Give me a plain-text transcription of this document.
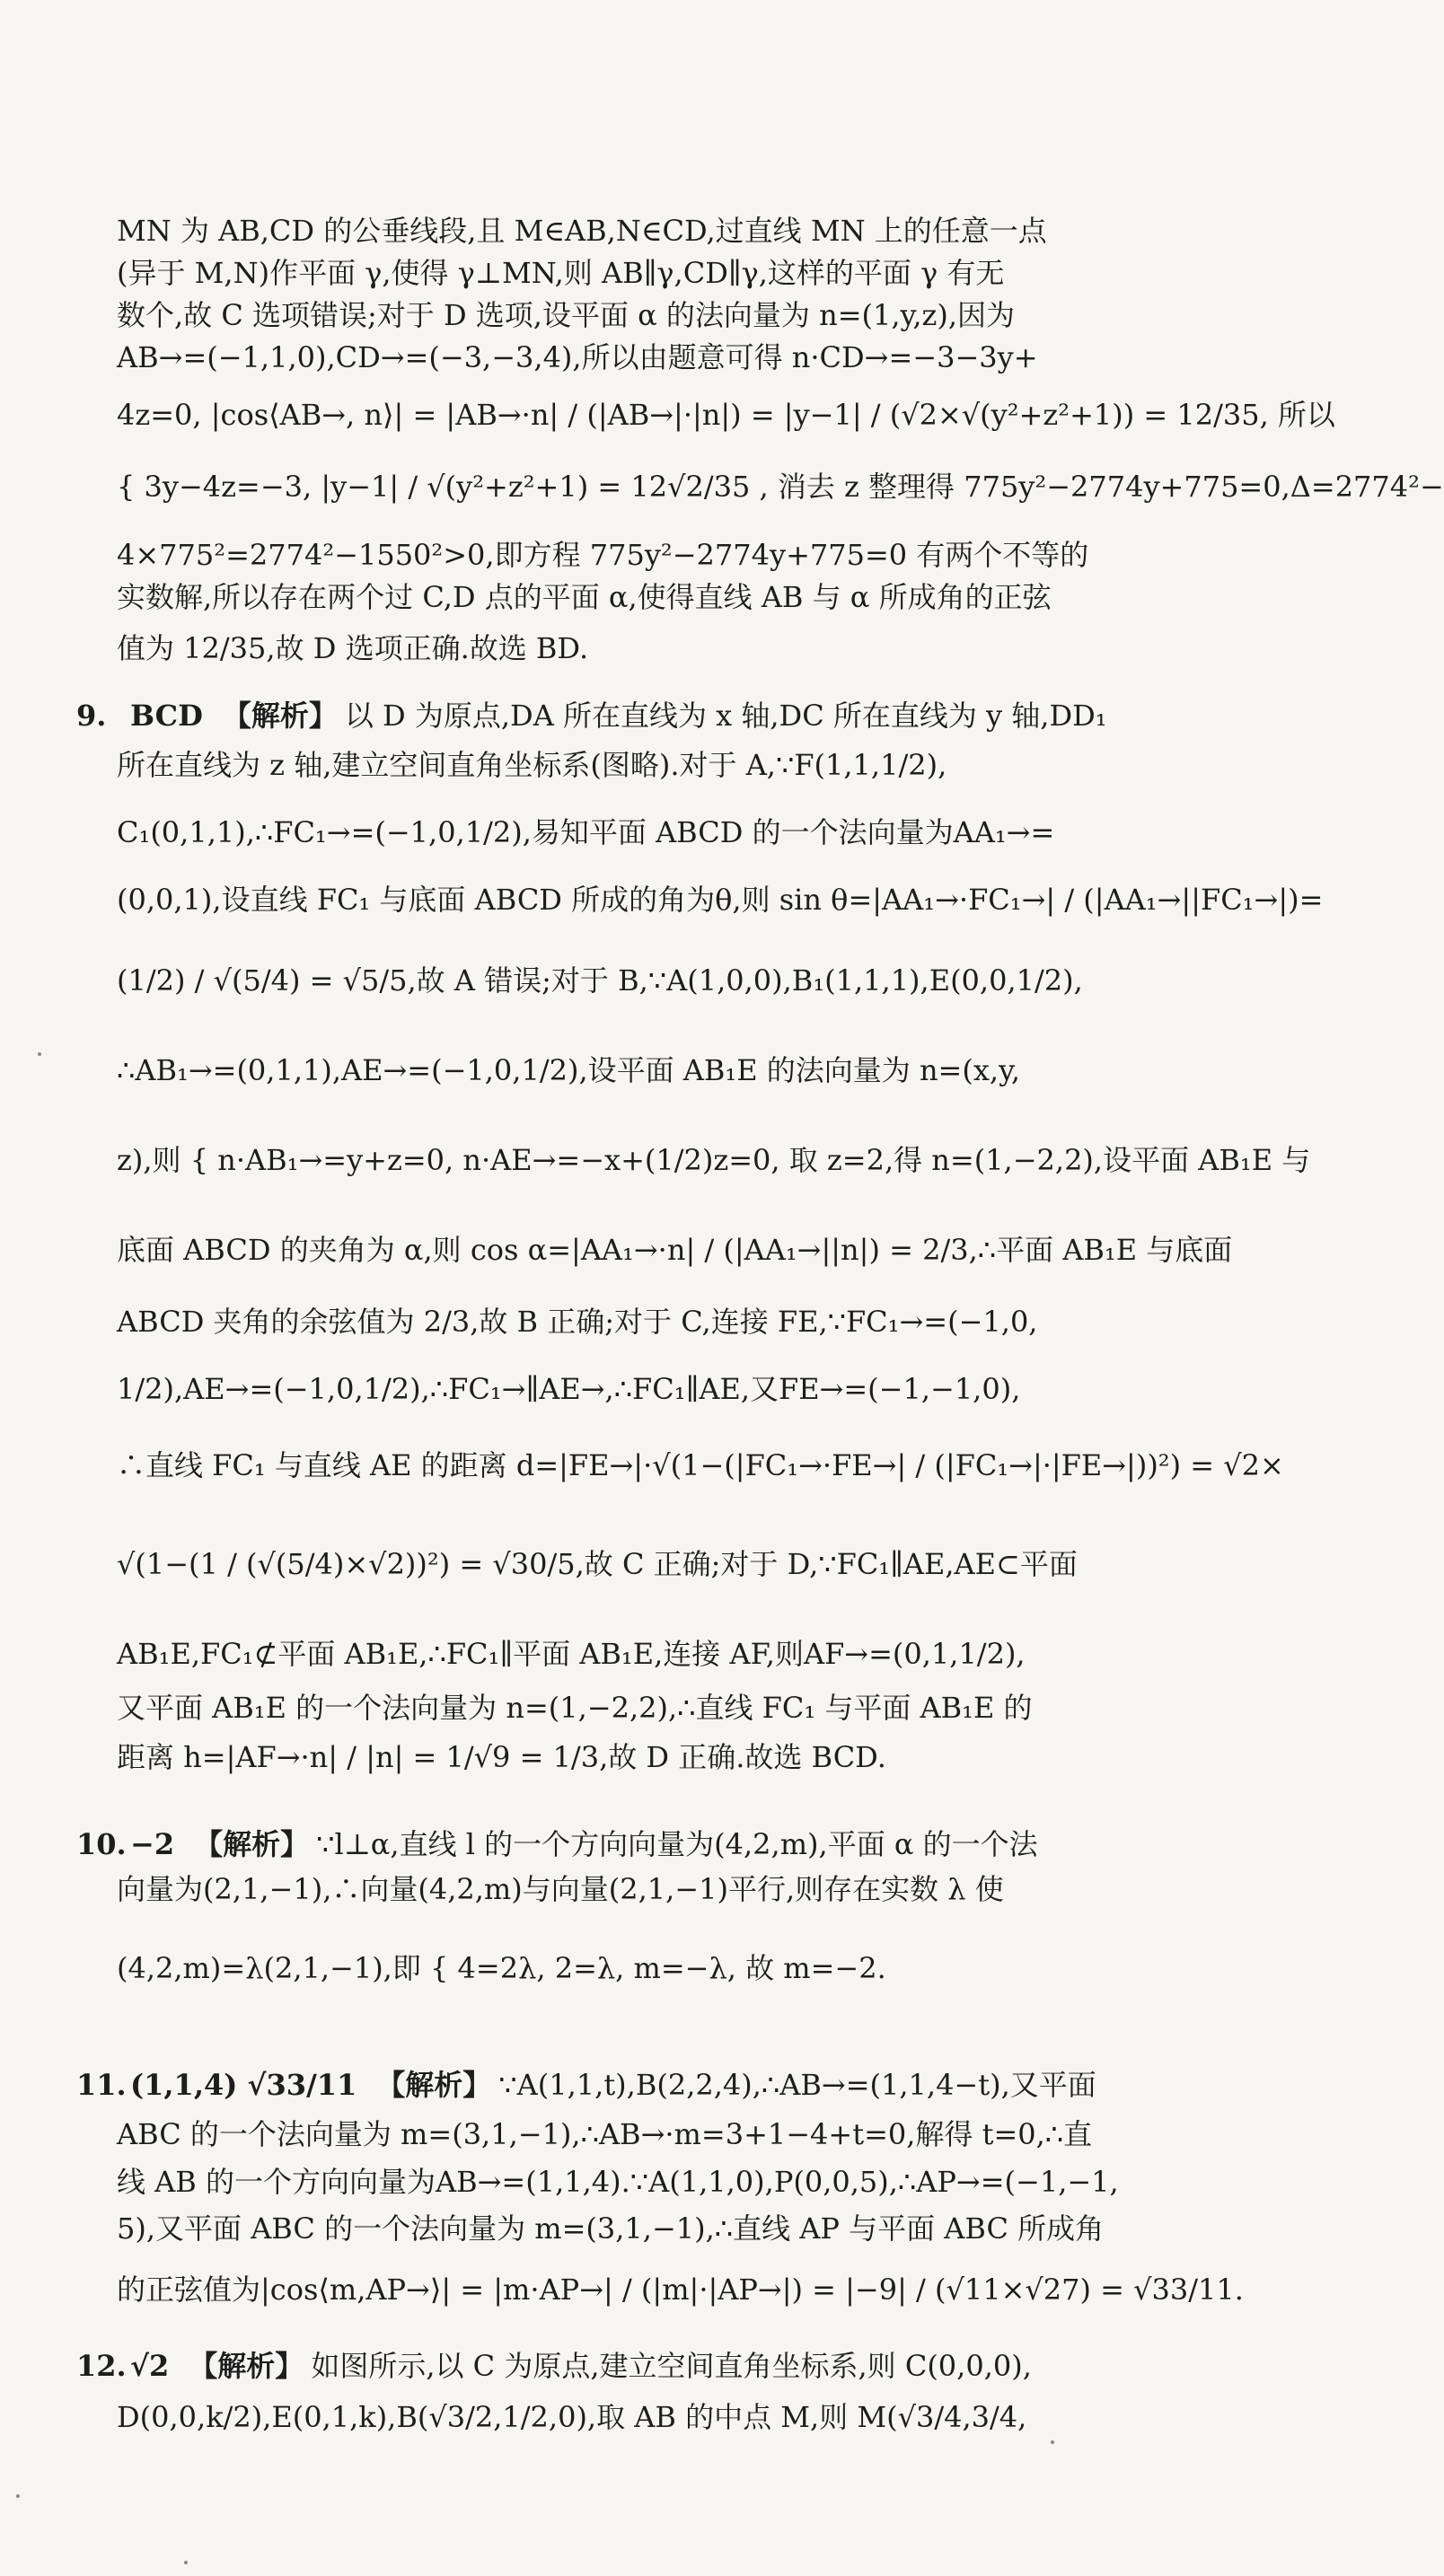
MN 为 AB,CD 的公垂线段,且 M∈AB,N∈CD,过直线 MN 上的任意一点
(异于 M,N)作平面 γ,使得 γ⊥MN,则 AB∥γ,CD∥γ,这样的平面 γ 有无
数个,故 C 选项错误;对于 D 选项,设平面 α 的法向量为 n=(1,y,z),因为
AB→=(−1,1,0),CD→=(−3,−3,4),所以由题意可得 n·CD→=−3−3y+
4z=0, |cos⟨AB→, n⟩| = |AB→·n| / (|AB→|·|n|) = |y−1| / (√2×√(y²+z²+1)) = 12/35, 所以
{ 3y−4z=−3, |y−1| / √(y²+z²+1) = 12√2/35 , 消去 z 整理得 775y²−2774y+775=0,Δ=2774²−
4×775²=2774²−1550²>0,即方程 775y²−2774y+775=0 有两个不等的
实数解,所以存在两个过 C,D 点的平面 α,使得直线 AB 与 α 所成角的正弦
值为 12/35,故 D 选项正确.故选 BD.
所在直线为 z 轴,建立空间直角坐标系(图略).对于 A,∵F(1,1,1/2),
C₁(0,1,1),∴FC₁→=(−1,0,1/2),易知平面 ABCD 的一个法向量为AA₁→=
(0,0,1),设直线 FC₁ 与底面 ABCD 所成的角为θ,则 sin θ=|AA₁→·FC₁→| / (|AA₁→||FC₁→|)=
(1/2) / √(5/4) = √5/5,故 A 错误;对于 B,∵A(1,0,0),B₁(1,1,1),E(0,0,1/2),
∴AB₁→=(0,1,1),AE→=(−1,0,1/2),设平面 AB₁E 的法向量为 n=(x,y,
z),则 { n·AB₁→=y+z=0, n·AE→=−x+(1/2)z=0, 取 z=2,得 n=(1,−2,2),设平面 AB₁E 与
底面 ABCD 的夹角为 α,则 cos α=|AA₁→·n| / (|AA₁→||n|) = 2/3,∴平面 AB₁E 与底面
ABCD 夹角的余弦值为 2/3,故 B 正确;对于 C,连接 FE,∵FC₁→=(−1,0,
1/2),AE→=(−1,0,1/2),∴FC₁→∥AE→,∴FC₁∥AE,又FE→=(−1,−1,0),
∴直线 FC₁ 与直线 AE 的距离 d=|FE→|·√(1−(|FC₁→·FE→| / (|FC₁→|·|FE→|))²) = √2×
√(1−(1 / (√(5/4)×√2))²) = √30/5,故 C 正确;对于 D,∵FC₁∥AE,AE⊂平面
AB₁E,FC₁⊄平面 AB₁E,∴FC₁∥平面 AB₁E,连接 AF,则AF→=(0,1,1/2),
又平面 AB₁E 的一个法向量为 n=(1,−2,2),∴直线 FC₁ 与平面 AB₁E 的
距离 h=|AF→·n| / |n| = 1/√9 = 1/3,故 D 正确.故选 BCD.
向量为(2,1,−1),∴向量(4,2,m)与向量(2,1,−1)平行,则存在实数 λ 使
(4,2,m)=λ(2,1,−1),即 { 4=2λ, 2=λ, m=−λ, 故 m=−2.
ABC 的一个法向量为 m=(3,1,−1),∴AB→·m=3+1−4+t=0,解得 t=0,∴直
线 AB 的一个方向向量为AB→=(1,1,4).∵A(1,1,0),P(0,0,5),∴AP→=(−1,−1,
5),又平面 ABC 的一个法向量为 m=(3,1,−1),∴直线 AP 与平面 ABC 所成角
的正弦值为|cos⟨m,AP→⟩| = |m·AP→| / (|m|·|AP→|) = |−9| / (√11×√27) = √33/11.
D(0,0,k/2),E(0,1,k),B(√3/2,1/2,0),取 AB 的中点 M,则 M(√3/4,3/4,
9. BCD 【解析】 以 D 为原点,DA 所在直线为 x 轴,DC 所在直线为 y 轴,DD₁
10. −2 【解析】 ∵l⊥α,直线 l 的一个方向向量为(4,2,m),平面 α 的一个法
11. (1,1,4) √33/11 【解析】 ∵A(1,1,t),B(2,2,4),∴AB→=(1,1,4−t),又平面
12. √2 【解析】 如图所示,以 C 为原点,建立空间直角坐标系,则 C(0,0,0),
